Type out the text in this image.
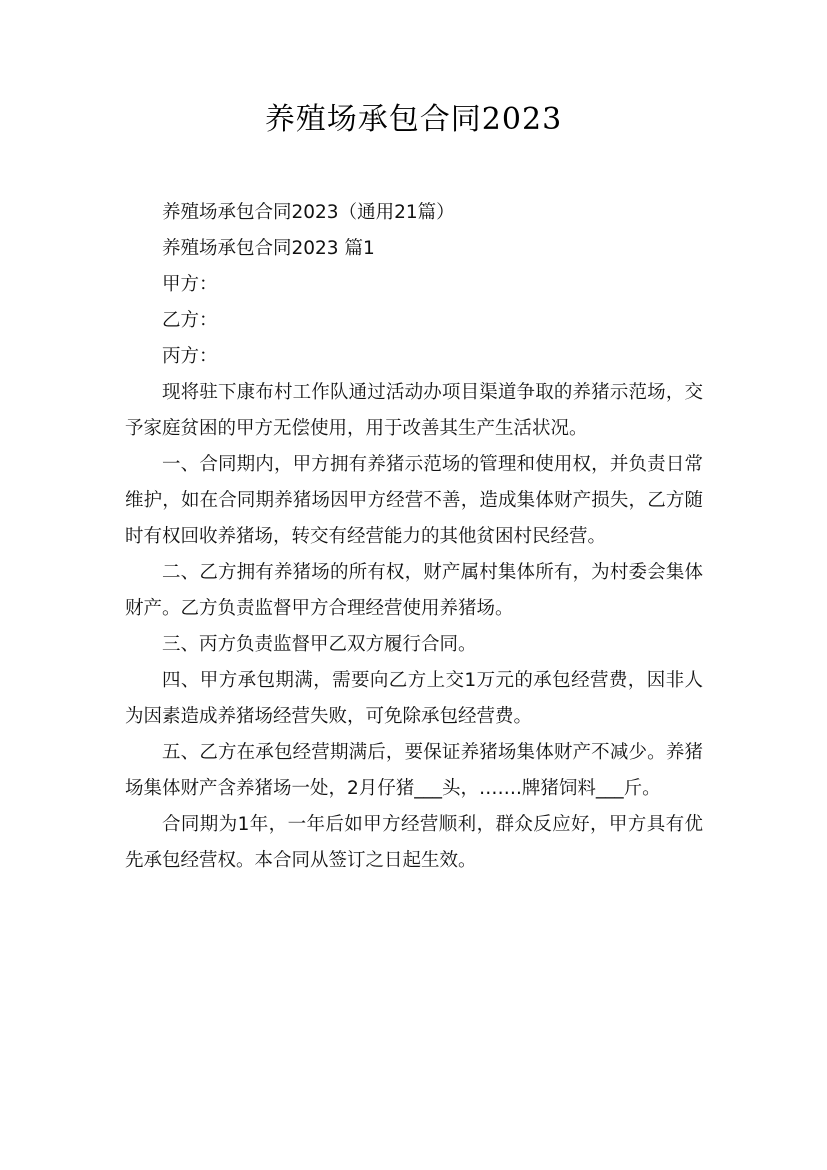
养殖场承包合同2023

养殖场承包合同2023（通用21篇）

养殖场承包合同2023 篇1

甲方：

乙方：

丙方：

现将驻下康布村工作队通过活动办项目渠道争取的养猪示范场，交予家庭贫困的甲方无偿使用，用于改善其生产生活状况。

一、合同期内，甲方拥有养猪示范场的管理和使用权，并负责日常维护，如在合同期养猪场因甲方经营不善，造成集体财产损失，乙方随时有权回收养猪场，转交有经营能力的其他贫困村民经营。

二、乙方拥有养猪场的所有权，财产属村集体所有，为村委会集体财产。乙方负责监督甲方合理经营使用养猪场。

三、丙方负责监督甲乙双方履行合同。

四、甲方承包期满，需要向乙方上交1万元的承包经营费，因非人为因素造成养猪场经营失败，可免除承包经营费。

五、乙方在承包经营期满后，要保证养猪场集体财产不减少。养猪场集体财产含养猪场一处，2月仔猪___头，…….牌猪饲料___斤。

合同期为1年，一年后如甲方经营顺利，群众反应好，甲方具有优先承包经营权。本合同从签订之日起生效。
